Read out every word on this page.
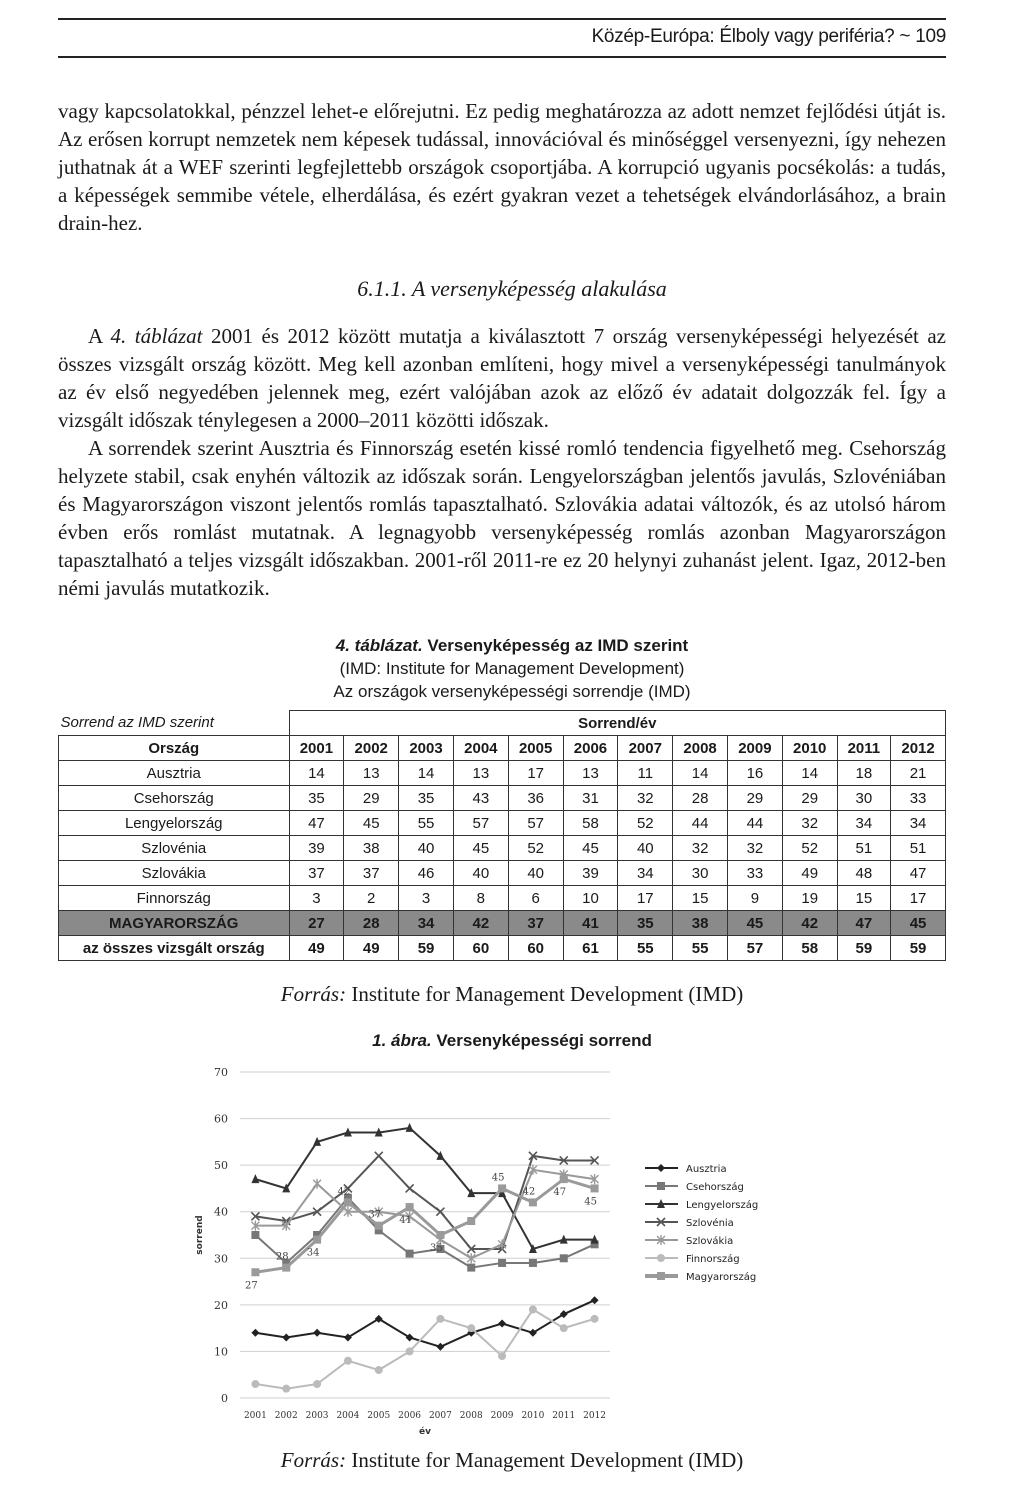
Közép-Európa: Élboly vagy periféria? ~ 109

vagy kapcsolatokkal, pénzzel lehet-e előrejutni. Ez pedig meghatározza az adott nemzet fejlődési útját is. Az erősen korrupt nemzetek nem képesek tudással, innovációval és minőséggel versenyezni, így nehezen juthatnak át a WEF szerinti legfejlettebb országok csoportjába. A korrupció ugyanis pocsékolás: a tudás, a képességek semmibe vétele, elherdálása, és ezért gyakran vezet a tehetségek elvándorlásához, a brain drain-hez.

6.1.1. A versenyképesség alakulása

A 4. táblázat 2001 és 2012 között mutatja a kiválasztott 7 ország versenyképességi helyezését az összes vizsgált ország között. Meg kell azonban említeni, hogy mivel a versenyképességi tanulmányok az év első negyedében jelennek meg, ezért valójában azok az előző év adatait dolgozzák fel. Így a vizsgált időszak ténylegesen a 2000–2011 közötti időszak.

A sorrendek szerint Ausztria és Finnország esetén kissé romló tendencia figyelhető meg. Csehország helyzete stabil, csak enyhén változik az időszak során. Lengyelországban jelentős javulás, Szlovéniában és Magyarországon viszont jelentős romlás tapasztalható. Szlovákia adatai változók, és az utolsó három évben erős romlást mutatnak. A legnagyobb versenyképesség romlás azonban Magyarországon tapasztalható a teljes vizsgált időszakban. 2001-ről 2011-re ez 20 helynyi zuhanást jelent. Igaz, 2012-ben némi javulás mutatkozik.

4. táblázat. Versenyképesség az IMD szerint
(IMD: Institute for Management Development)
Az országok versenyképességi sorrendje (IMD)
Sorrend az IMD szerint	Sorrend/év											
Ország	2001	2002	2003	2004	2005	2006	2007	2008	2009	2010	2011	2012
Ausztria	14	13	14	13	17	13	11	14	16	14	18	21
Csehország	35	29	35	43	36	31	32	28	29	29	30	33
Lengyelország	47	45	55	57	57	58	52	44	44	32	34	34
Szlovénia	39	38	40	45	52	45	40	32	32	52	51	51
Szlovákia	37	37	46	40	40	39	34	30	33	49	48	47
Finnország	3	2	3	8	6	10	17	15	9	19	15	17
MAGYARORSZÁG	27	28	34	42	37	41	35	38	45	42	47	45
az összes vizsgált ország	49	49	59	60	60	61	55	55	57	58	59	59
Forrás: Institute for Management Development (IMD)
1. ábra. Versenyképességi sorrend
27
28 34
42
41
37
35
45
47
42
45
0
10
20
30
40
50
60
70
2001 2002 2003 2004 2005 2006 2007 2008 2009 2010 2011 2012
év
sorrend
Ausztria
Csehország
Lengyelország
Szlovénia
Szlovákia
Finnország
Magyarország
Forrás: Institute for Management Development (IMD)
